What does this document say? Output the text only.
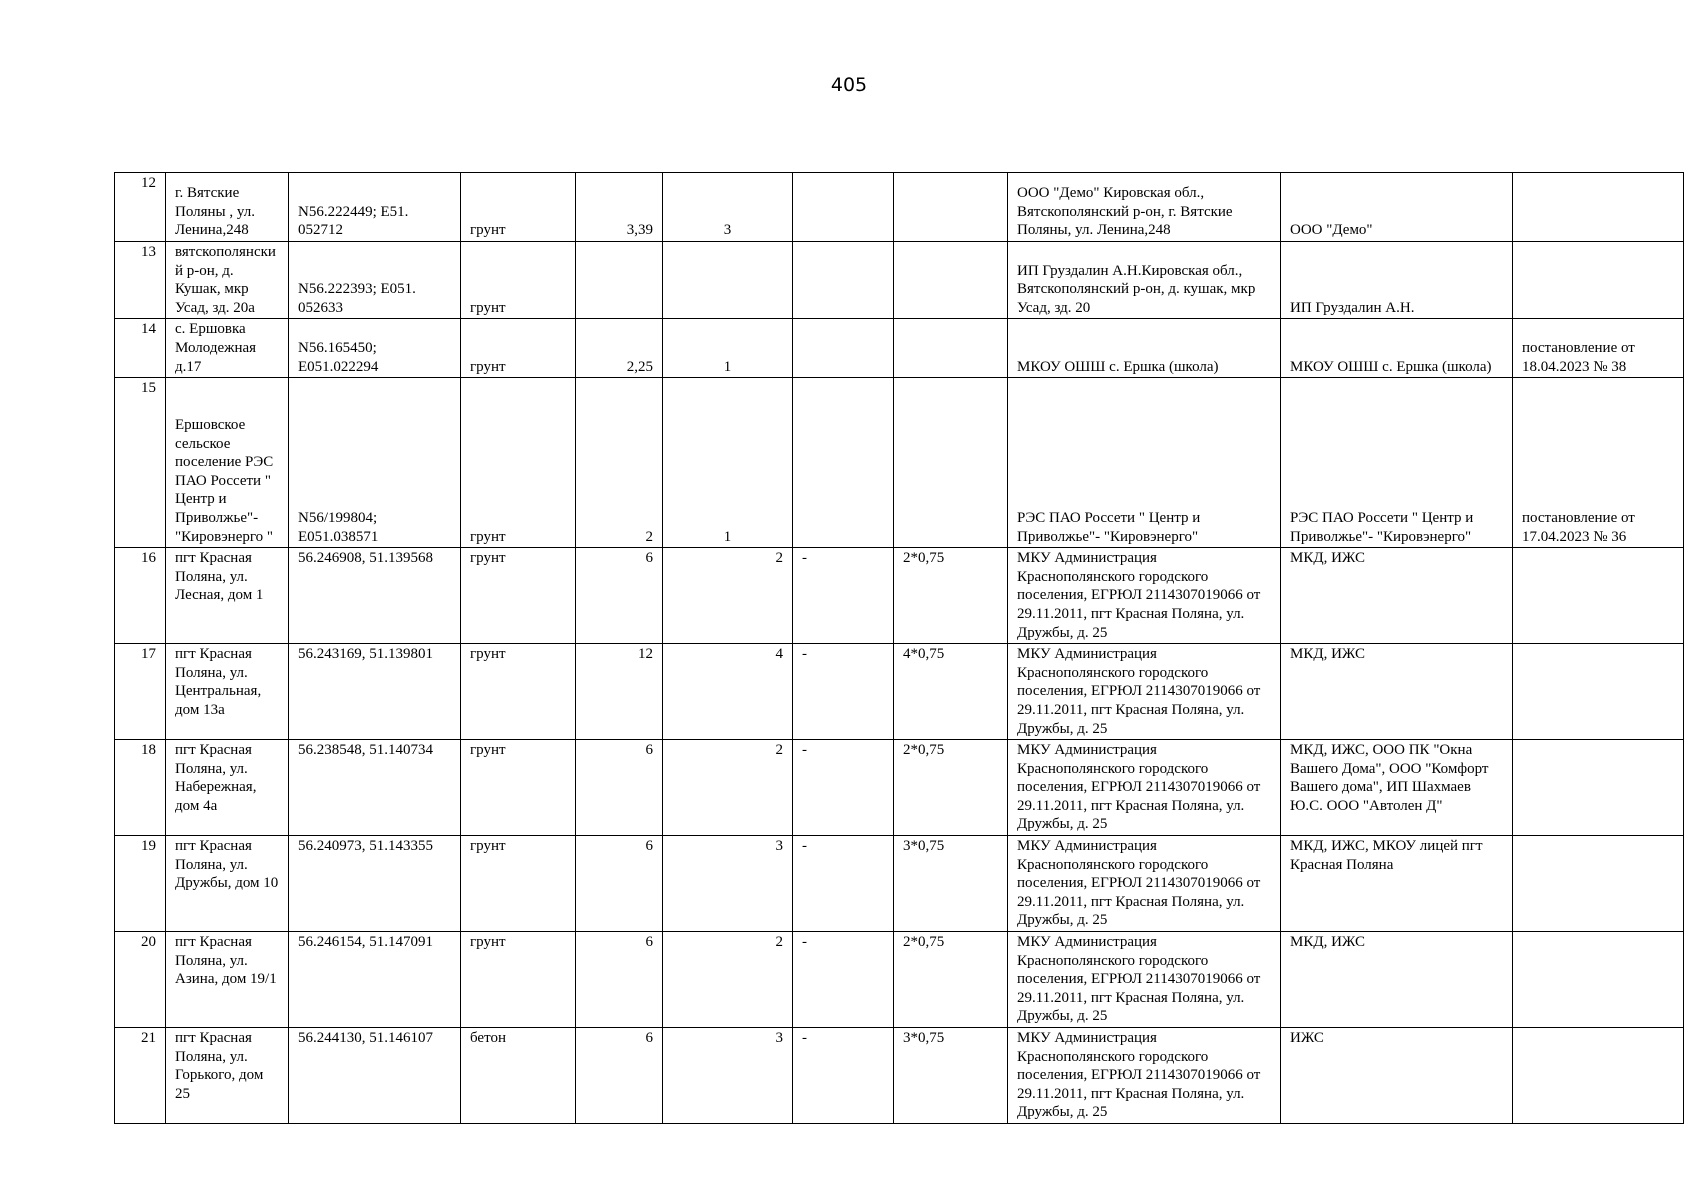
405
12	г. Вятские Поляны , ул. Ленина,248	N56.222449; E51. 052712	грунт	3,39	3			ООО "Демо" Кировская обл., Вятскополянский р-он, г. Вятские Поляны, ул. Ленина,248	ООО "Демо"	
13	вятскополянский р-он, д. Кушак, мкр Усад, зд. 20а	N56.222393; E051. 052633	грунт					ИП Груздалин А.Н.Кировская обл., Вятскополянский р-он, д. кушак, мкр Усад, зд. 20	ИП Груздалин А.Н.	
14	с. Ершовка Молодежная д.17	N56.165450; E051.022294	грунт	2,25	1			МКОУ ОШШ с. Ершка (школа)	МКОУ ОШШ с. Ершка (школа)	постановление от 18.04.2023 № 38
15	Ершовское сельское поселение РЭС ПАО Россети " Центр и Приволжье"- "Кировэнерго "	N56/199804; E051.038571	грунт	2	1			РЭС ПАО Россети " Центр и Приволжье"- "Кировэнерго"	РЭС ПАО Россети " Центр и Приволжье"- "Кировэнерго"	постановление от 17.04.2023 № 36
16	пгт Красная Поляна, ул. Лесная, дом 1	56.246908, 51.139568	грунт	6	2	-	2*0,75	МКУ Администрация Краснополянского городского поселения, ЕГРЮЛ 2114307019066 от 29.11.2011, пгт Красная Поляна, ул. Дружбы, д. 25	МКД, ИЖС	
17	пгт Красная Поляна, ул. Центральная, дом 13а	56.243169, 51.139801	грунт	12	4	-	4*0,75	МКУ Администрация Краснополянского городского поселения, ЕГРЮЛ 2114307019066 от 29.11.2011, пгт Красная Поляна, ул. Дружбы, д. 25	МКД, ИЖС	
18	пгт Красная Поляна, ул. Набережная, дом 4а	56.238548, 51.140734	грунт	6	2	-	2*0,75	МКУ Администрация Краснополянского городского поселения, ЕГРЮЛ 2114307019066 от 29.11.2011, пгт Красная Поляна, ул. Дружбы, д. 25	МКД, ИЖС, ООО ПК "Окна Вашего Дома", ООО "Комфорт Вашего дома", ИП Шахмаев Ю.С. ООО "Автолен Д"	
19	пгт Красная Поляна, ул. Дружбы, дом 10	56.240973, 51.143355	грунт	6	3	-	3*0,75	МКУ Администрация Краснополянского городского поселения, ЕГРЮЛ 2114307019066 от 29.11.2011, пгт Красная Поляна, ул. Дружбы, д. 25	МКД, ИЖС, МКОУ лицей пгт Красная Поляна	
20	пгт Красная Поляна, ул. Азина, дом 19/1	56.246154, 51.147091	грунт	6	2	-	2*0,75	МКУ Администрация Краснополянского городского поселения, ЕГРЮЛ 2114307019066 от 29.11.2011, пгт Красная Поляна, ул. Дружбы, д. 25	МКД, ИЖС	
21	пгт Красная Поляна, ул. Горького, дом 25	56.244130, 51.146107	бетон	6	3	-	3*0,75	МКУ Администрация Краснополянского городского поселения, ЕГРЮЛ 2114307019066 от 29.11.2011, пгт Красная Поляна, ул. Дружбы, д. 25	ИЖС	
